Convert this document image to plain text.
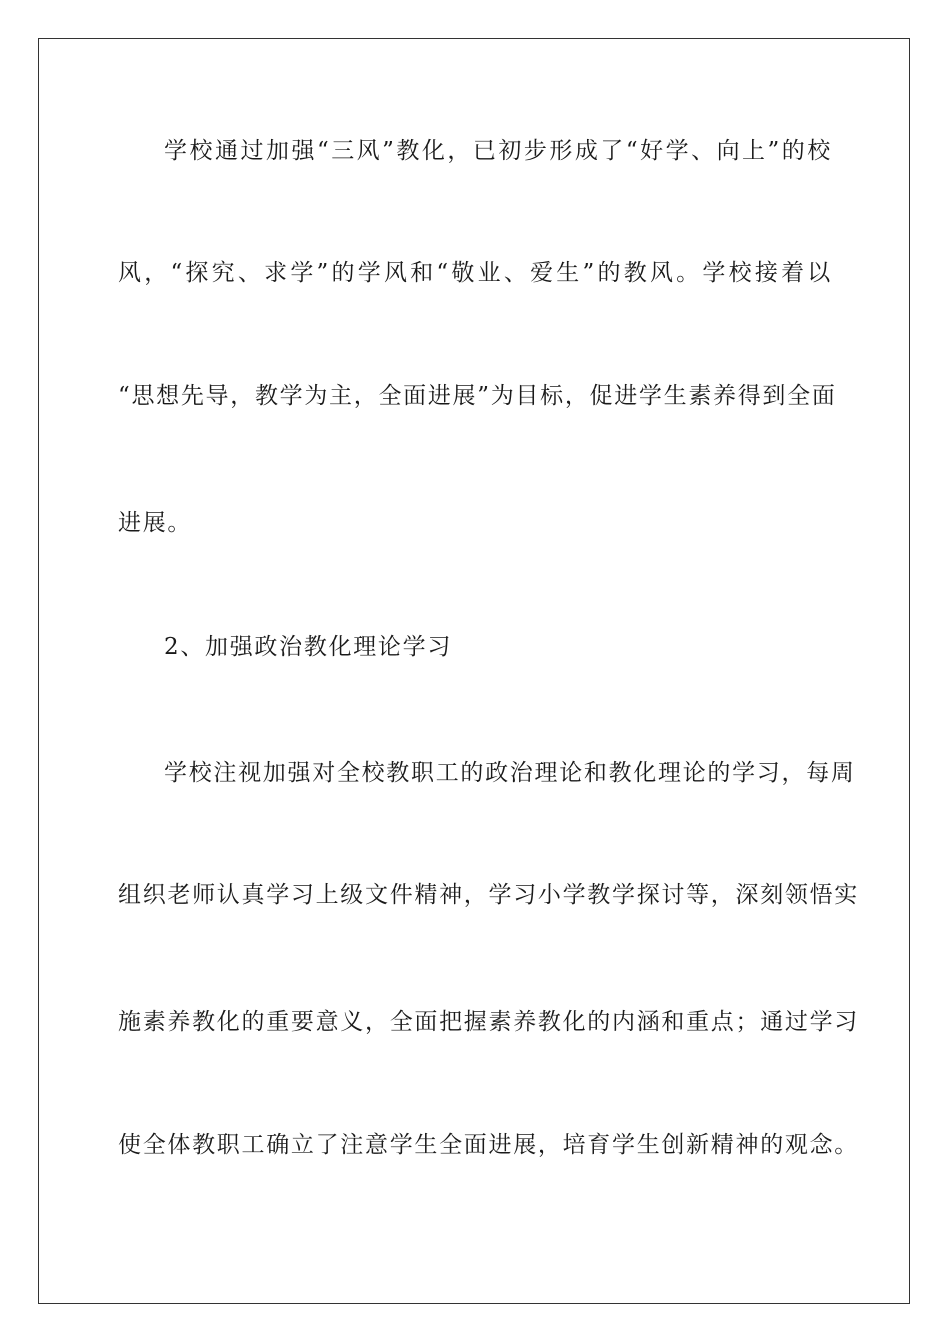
学校通过加强“三风”教化，已初步形成了“好学、向上”的校
风，“探究、求学”的学风和“敬业、爱生”的教风。学校接着以
“思想先导，教学为主，全面进展”为目标，促进学生素养得到全面
进展。
2、加强政治教化理论学习
学校注视加强对全校教职工的政治理论和教化理论的学习，每周
组织老师认真学习上级文件精神，学习小学教学探讨等，深刻领悟实
施素养教化的重要意义，全面把握素养教化的内涵和重点；通过学习
使全体教职工确立了注意学生全面进展，培育学生创新精神的观念。
